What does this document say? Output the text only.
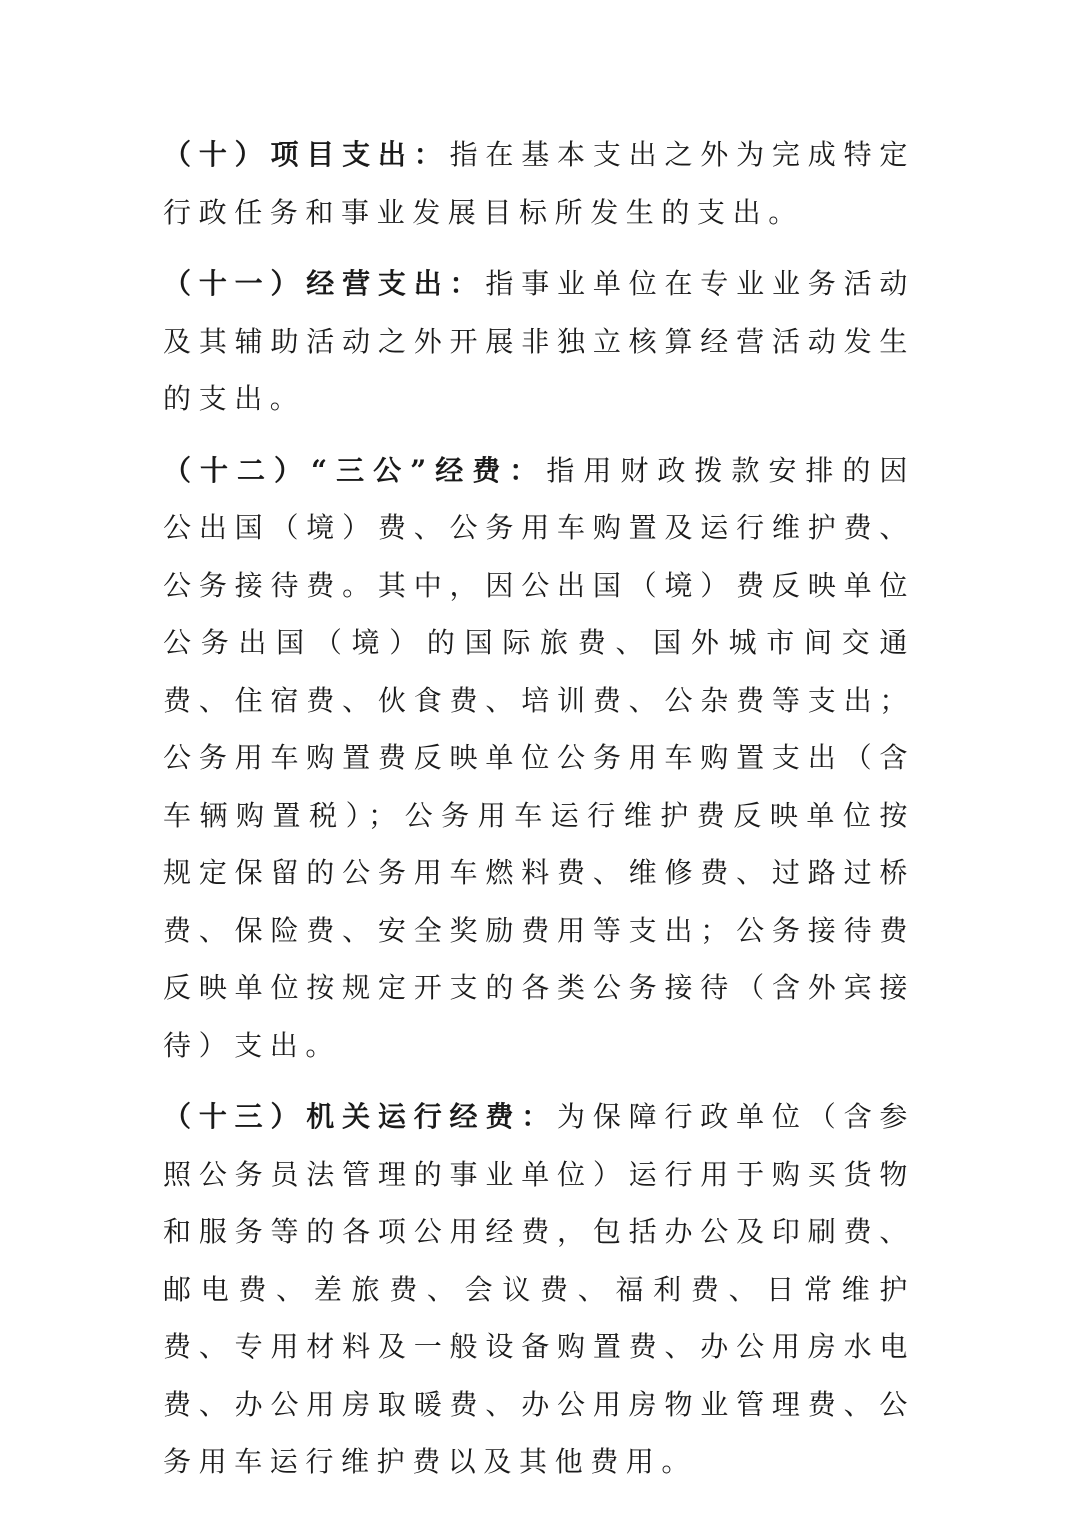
（十）项目支出：指在基本支出之外为完成特定行政任务和事业发展目标所发生的支出。

（十一）经营支出：指事业单位在专业业务活动及其辅助活动之外开展非独立核算经营活动发生的支出。

（十二）“三公”经费：指用财政拨款安排的因公出国（境）费、公务用车购置及运行维护费、公务接待费。其中，因公出国（境）费反映单位公务出国（境）的国际旅费、国外城市间交通费、住宿费、伙食费、培训费、公杂费等支出；公务用车购置费反映单位公务用车购置支出（含车辆购置税）；公务用车运行维护费反映单位按规定保留的公务用车燃料费、维修费、过路过桥费、保险费、安全奖励费用等支出；公务接待费反映单位按规定开支的各类公务接待（含外宾接待）支出。

（十三）机关运行经费：为保障行政单位（含参照公务员法管理的事业单位）运行用于购买货物和服务等的各项公用经费，包括办公及印刷费、邮电费、差旅费、会议费、福利费、日常维护费、专用材料及一般设备购置费、办公用房水电费、办公用房取暖费、办公用房物业管理费、公务用车运行维护费以及其他费用。
